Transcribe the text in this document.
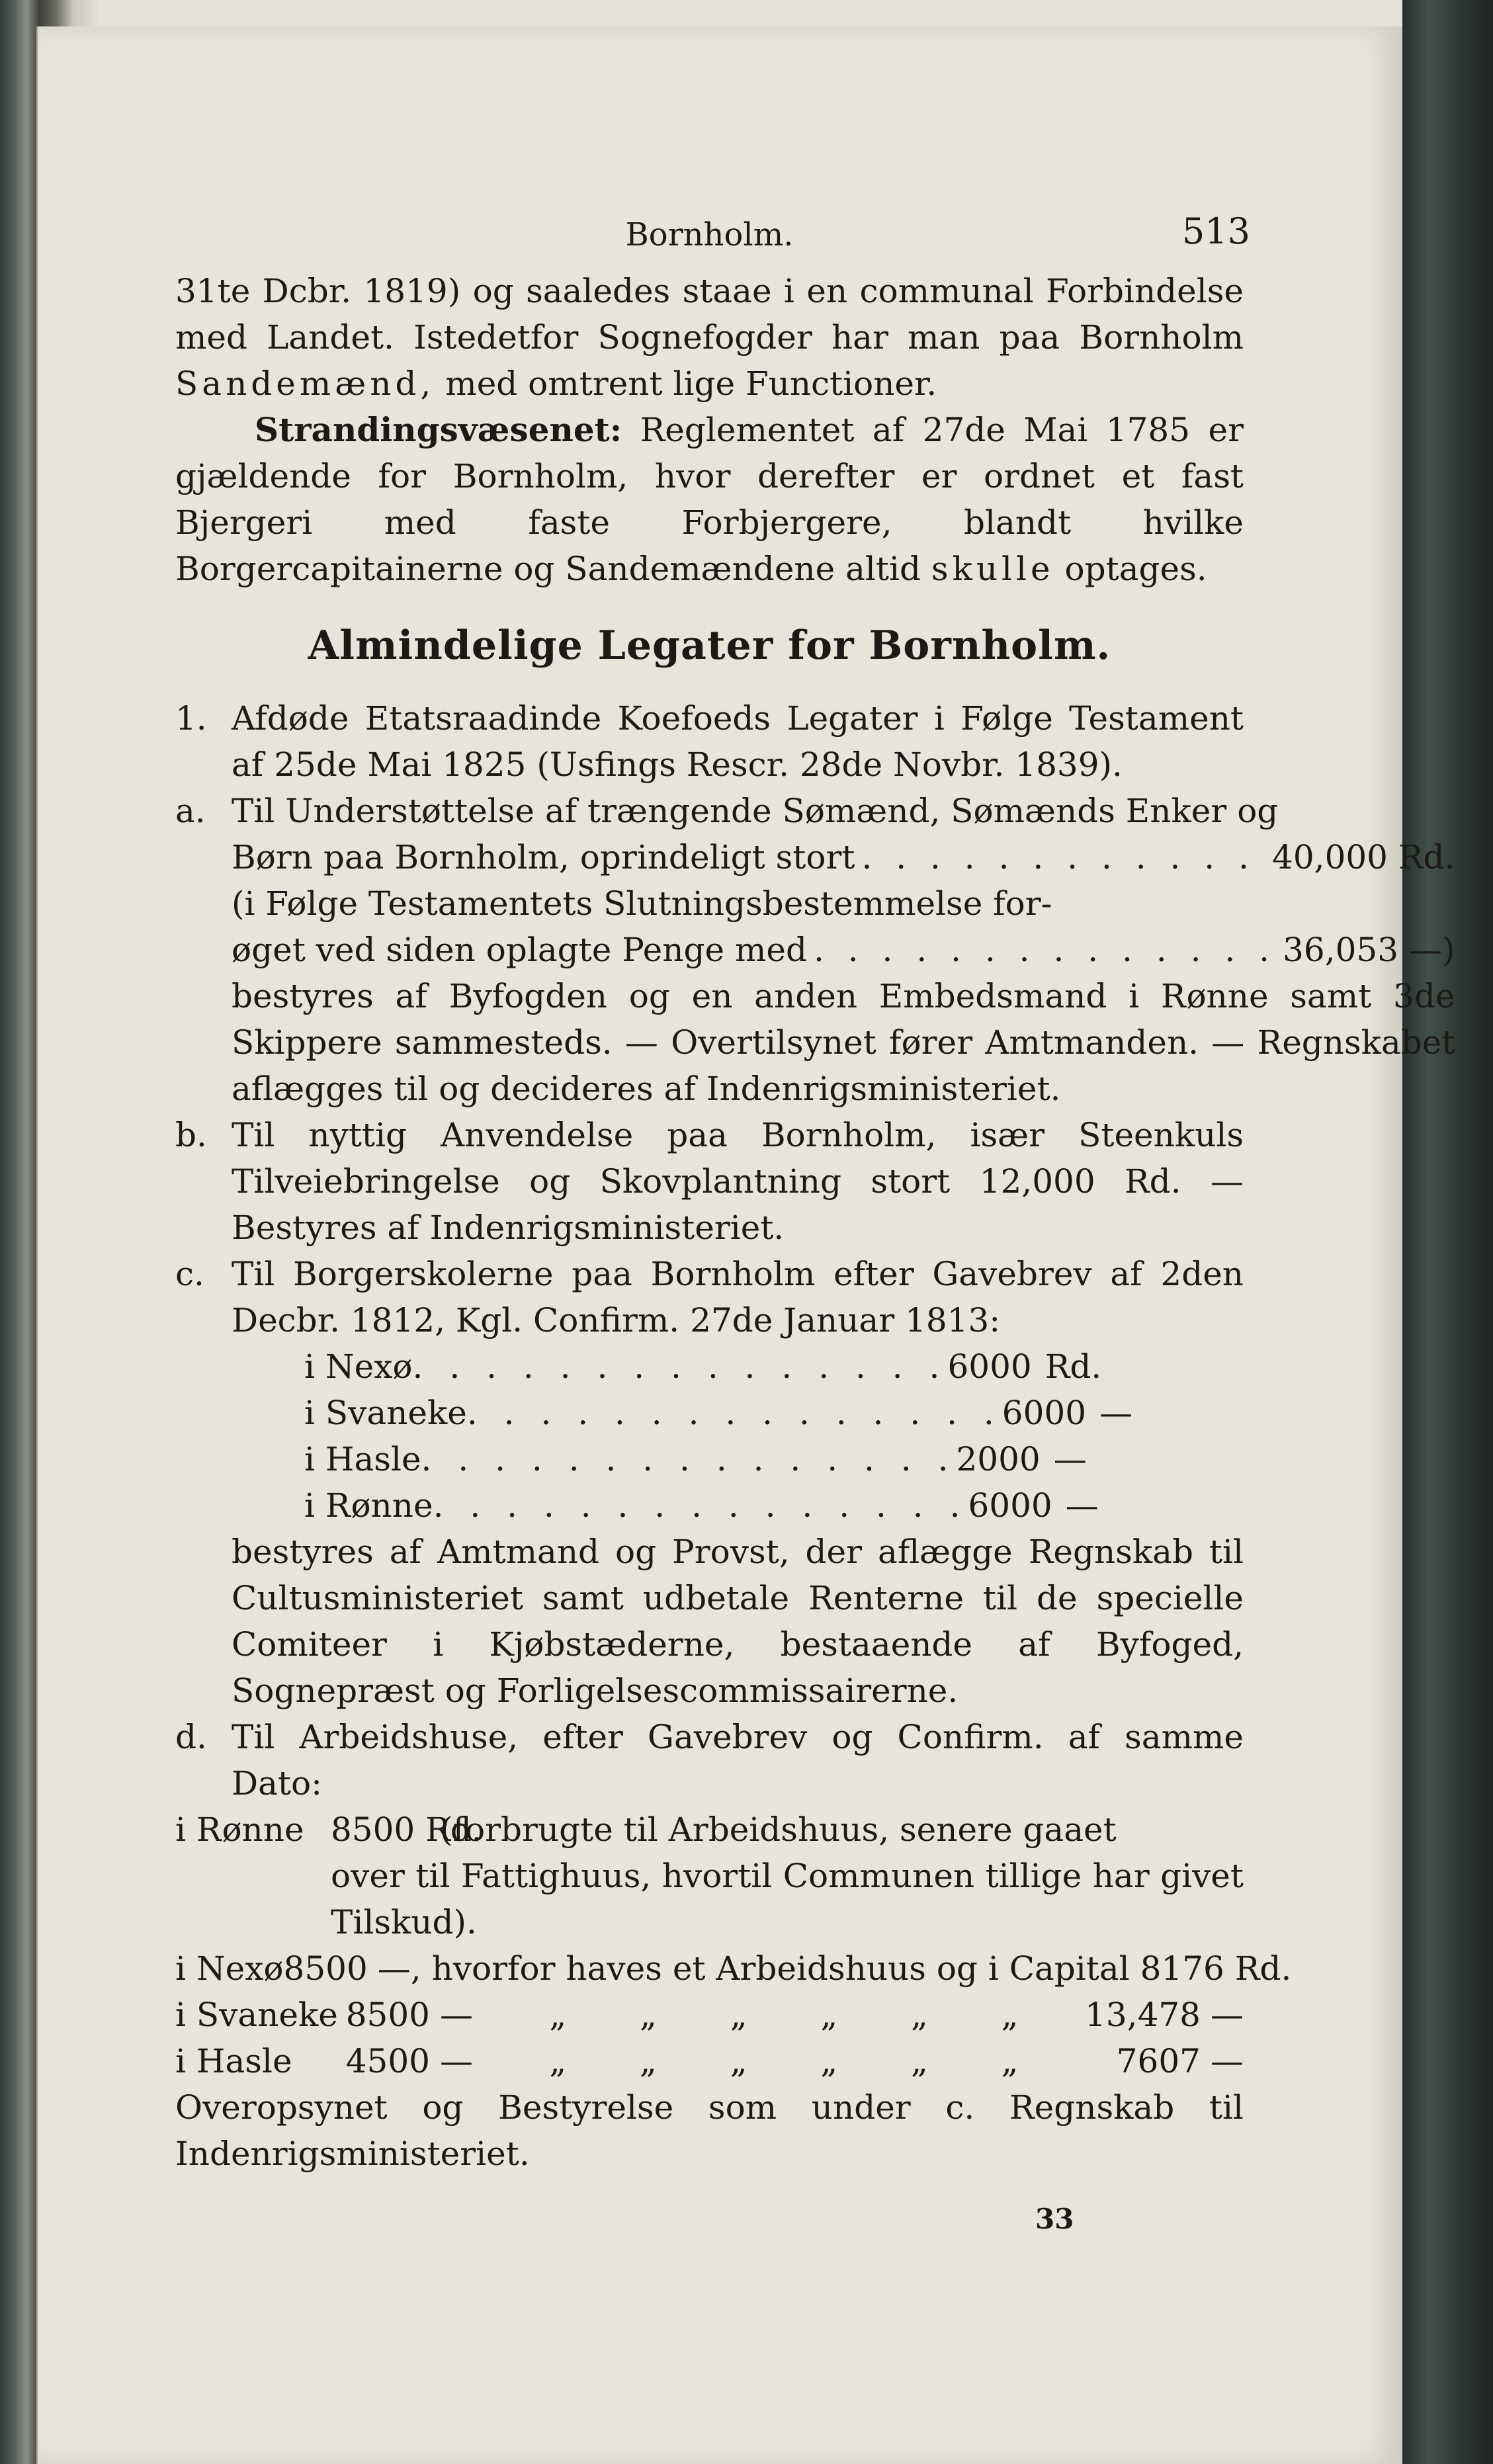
Bornholm.	513

31te Dcbr. 1819) og saaledes staae i en communal Forbindelse med Landet. Istedetfor Sognefogder har man paa Bornholm Sandemænd, med omtrent lige Functioner.

Strandingsvæsenet: Reglementet af 27de Mai 1785 er gjældende for Bornholm, hvor derefter er ordnet et fast Bjergeri med faste Forbjergere, blandt hvilke Borgercapitainerne og Sandemændene altid skulle optages.

Almindelige Legater for Bornholm.
1. Afdøde Etatsraadinde Koefoeds Legater i Følge Testament af 25de Mai 1825 (Usfings Rescr. 28de Novbr. 1839).
a. Til Understøttelse af trængende Sømænd, Sømænds Enker og
Børn paa Bornholm, oprindeligt stort . . . . . . . . . . . . 40,000 Rd.
(i Følge Testamentets Slutningsbestemmelse for-
øget ved siden oplagte Penge med . . . . . . . . . . . . . . 36,053 —)

bestyres af Byfogden og en anden Embedsmand i Rønne samt 3de Skippere sammesteds. — Overtilsynet fører Amtmanden. — Regnskabet aflægges til og decideres af Indenrigsministeriet.

b. Til nyttig Anvendelse paa Bornholm, især Steenkuls Tilveiebringelse og Skovplantning stort 12,000 Rd. — Bestyres af Indenrigsministeriet.
c. Til Borgerskolerne paa Bornholm efter Gavebrev af 2den Decbr. 1812, Kgl. Confirm. 27de Januar 1813:

i Nexø . . . . . . . . . . . . . . . 6000 Rd.
i Svaneke . . . . . . . . . . . . . . . 6000 —
i Hasle . . . . . . . . . . . . . . . 2000 —
i Rønne . . . . . . . . . . . . . . . 6000 —

bestyres af Amtmand og Provst, der aflægge Regnskab til Cultusministeriet samt udbetale Renterne til de specielle Comiteer i Kjøbstæderne, bestaaende af Byfoged, Sognepræst og Forligelsescommissairerne.

d. Til Arbeidshuse, efter Gavebrev og Confirm. af samme Dato:
i Rønne 8500 Rd.
(forbrugte til Arbeidshuus, senere gaaet

over til Fattighuus, hvortil Communen tillige har givet Tilskud).

i Nexø 8500 —, hvorfor haves et Arbeidshuus og i Capital 8176 Rd.
i Svaneke 8500 —	„	„	„	„	„	„	13,478 —
i Hasle	4500 —	„	„	„	„	„	„	7607 —

Overopsynet og Bestyrelse som under c. Regnskab til Indenrigsministeriet.

33
